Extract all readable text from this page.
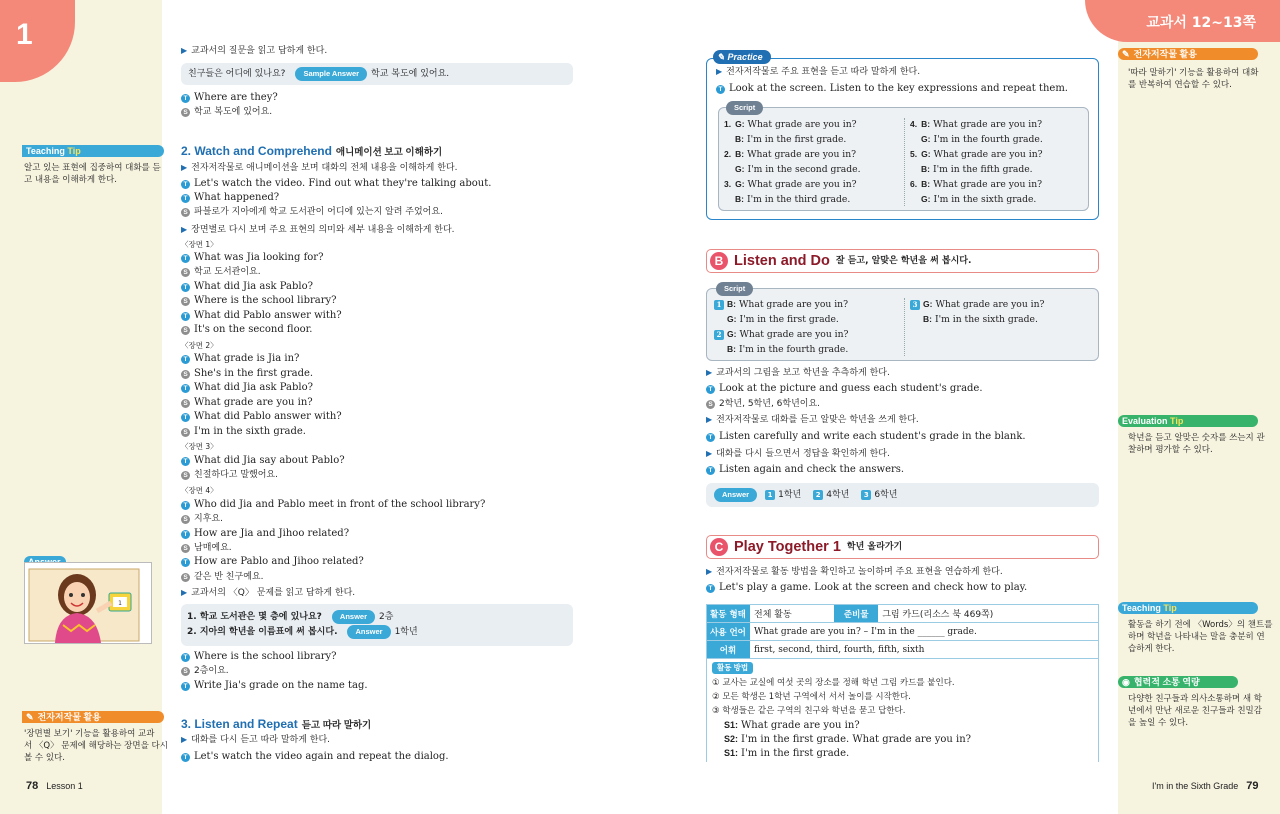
1	교과서 12~13쪽
Teaching Tip
알고 있는 표현에 집중하여 대화를 듣
고 내용을 이해하게 한다.
1
✎ 전자저작물 활용
'장면별 보기' 기능을 활용하여 교과
서 〈Q〉 문제에 해당하는 장면을 다시
볼 수 있다.
✎ 전자저작물 활용
'따라 말하기' 기능을 활용하여 대화
를 반복하여 연습할 수 있다.
Evaluation Tip
학년을 듣고 알맞은 숫자를 쓰는지 관
찰하며 평가할 수 있다.
Teaching Tip
활동을 하기 전에 〈Words〉의 챈트를
하며 학년을 나타내는 말을 충분히 연
습하게 한다.
◉ 협력적 소통 역량
다양한 친구들과 의사소통하며 새 학
년에서 만난 새로운 친구들과 친밀감
을 높일 수 있다.
▶ 교과서의 질문을 읽고 답하게 한다.
친구들은 어디에 있나요? Sample Answer 학교 복도에 있어요.
T Where are they?
S 학교 복도에 있어요.
2. Watch and Comprehend 애니메이션 보고 이해하기
▶ 전자저작물로 애니메이션을 보며 대화의 전체 내용을 이해하게 한다.
T Let's watch the video. Find out what they're talking about.
T What happened?
S 파블로가 지아에게 학교 도서관이 어디에 있는지 알려 주었어요.
▶ 장면별로 다시 보며 주요 표현의 의미와 세부 내용을 이해하게 한다.
〈장면 1〉
T What was Jia looking for?
S 학교 도서관이요.
T What did Jia ask Pablo?
S Where is the school library?
T What did Pablo answer with?
S It's on the second floor.
〈장면 2〉
T What grade is Jia in?
S She's in the first grade.
T What did Jia ask Pablo?
S What grade are you in?
T What did Pablo answer with?
S I'm in the sixth grade.
〈장면 3〉
T What did Jia say about Pablo?
S 친절하다고 말했어요.
〈장면 4〉
T Who did Jia and Pablo meet in front of the school library?
S 지후요.
T How are Jia and Jihoo related?
S 남매예요.
T How are Pablo and Jihoo related?
S 같은 반 친구예요.
▶ 교과서의 〈Q〉 문제를 읽고 답하게 한다.
1. 학교 도서관은 몇 층에 있나요? Answer 2층
2. 지아의 학년을 이름표에 써 봅시다. Answer 1학년
T Where is the school library?
S 2층이요.
T Write Jia's grade on the name tag.
3. Listen and Repeat 듣고 따라 말하기
▶ 대화를 다시 듣고 따라 말하게 한다.
T Let's watch the video again and repeat the dialog.
✎ Practice
▶ 전자저작물로 주요 표현을 듣고 따라 말하게 한다.
T Look at the screen. Listen to the key expressions and repeat them.
Script
1. G: What grade are you in?
B: I'm in the first grade.
2. B: What grade are you in?
G: I'm in the second grade.
3. G: What grade are you in?
B: I'm in the third grade.
4. B: What grade are you in?
G: I'm in the fourth grade.
5. G: What grade are you in?
B: I'm in the fifth grade.
6. B: What grade are you in?
G: I'm in the sixth grade.
B Listen and Do $^{잘 듣고, 알맞은 학년을 써 봅시다.}$
Script
1 B: What grade are you in?
G: I'm in the first grade.
2 G: What grade are you in?
B: I'm in the fourth grade.
3 G: What grade are you in?
B: I'm in the sixth grade.
▶ 교과서의 그림을 보고 학년을 추측하게 한다.
T Look at the picture and guess each student's grade.
S 2학년, 5학년, 6학년이요.
▶ 전자저작물로 대화를 듣고 알맞은 학년을 쓰게 한다.
T Listen carefully and write each student's grade in the blank.
▶ 대화를 다시 들으면서 정답을 확인하게 한다.
T Listen again and check the answers.
Answer	1 1학년 2 4학년 3 6학년
C Play Together 1 $^{학년 올라가기}$
▶ 전자저작물로 활동 방법을 확인하고 놀이하며 주요 표현을 연습하게 한다.
T Let's play a game. Look at the screen and check how to play.
활동 형태	전체 활동	준비물	그림 카드(리소스 북 469쪽)
사용 언어	What grade are you in? – I'm in the ______ grade.		
어휘	first, second, third, fourth, fifth, sixth		
활동 방법
① 교사는 교실에 여섯 곳의 장소를 정해 학년 그림 카드를 붙인다.
② 모든 학생은 1학년 구역에서 서서 놀이를 시작한다.
③ 학생들은 같은 구역의 친구와 학년을 묻고 답한다.
S1: What grade are you in?
S2: I'm in the first grade. What grade are you in?
S1: I'm in the first grade.
78 Lesson 1	I'm in the Sixth Grade 79
